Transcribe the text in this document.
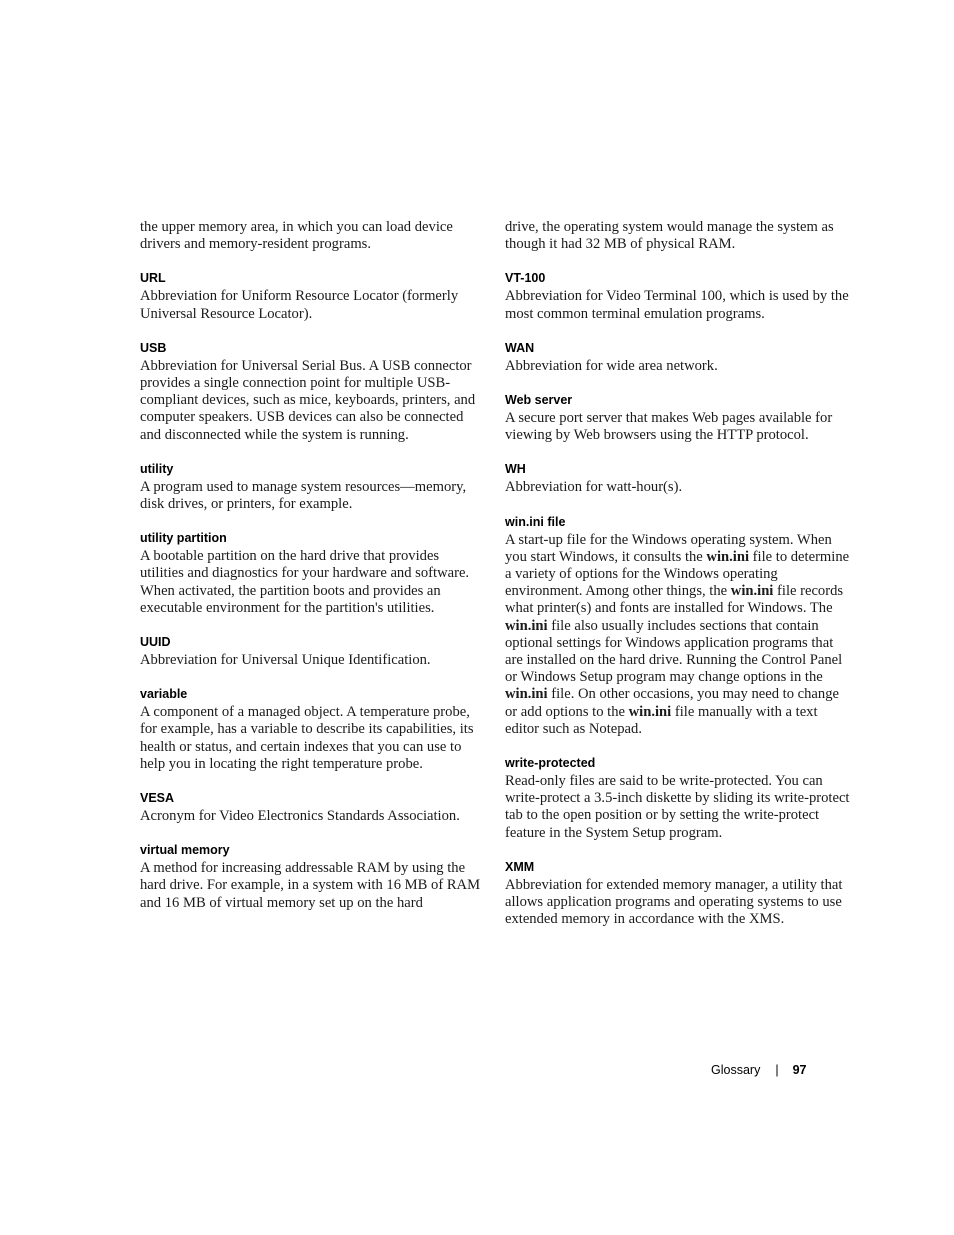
the upper memory area, in which you can load device drivers and memory-resident programs.

URL

Abbreviation for Uniform Resource Locator (formerly Universal Resource Locator).

USB

Abbreviation for Universal Serial Bus. A USB connector provides a single connection point for multiple USB-compliant devices, such as mice, keyboards, printers, and computer speakers. USB devices can also be connected and disconnected while the system is running.

utility

A program used to manage system resources—memory, disk drives, or printers, for example.

utility partition

A bootable partition on the hard drive that provides utilities and diagnostics for your hardware and software. When activated, the partition boots and provides an executable environment for the partition's utilities.

UUID

Abbreviation for Universal Unique Identification.

variable

A component of a managed object. A temperature probe, for example, has a variable to describe its capabilities, its health or status, and certain indexes that you can use to help you in locating the right temperature probe.

VESA

Acronym for Video Electronics Standards Association.

virtual memory

A method for increasing addressable RAM by using the hard drive. For example, in a system with 16 MB of RAM and 16 MB of virtual memory set up on the hard

drive, the operating system would manage the system as though it had 32 MB of physical RAM.

VT-100

Abbreviation for Video Terminal 100, which is used by the most common terminal emulation programs.

WAN

Abbreviation for wide area network.

Web server

A secure port server that makes Web pages available for viewing by Web browsers using the HTTP protocol.

WH

Abbreviation for watt-hour(s).

win.ini file

A start-up file for the Windows operating system. When you start Windows, it consults the win.ini file to determine a variety of options for the Windows operating environment. Among other things, the win.ini file records what printer(s) and fonts are installed for Windows. The win.ini file also usually includes sections that contain optional settings for Windows application programs that are installed on the hard drive. Running the Control Panel or Windows Setup program may change options in the win.ini file. On other occasions, you may need to change or add options to the win.ini file manually with a text editor such as Notepad.

write-protected

Read-only files are said to be write-protected. You can write-protect a 3.5-inch diskette by sliding its write-protect tab to the open position or by setting the write-protect feature in the System Setup program.

XMM

Abbreviation for extended memory manager, a utility that allows application programs and operating systems to use extended memory in accordance with the XMS.

Glossary | 97
